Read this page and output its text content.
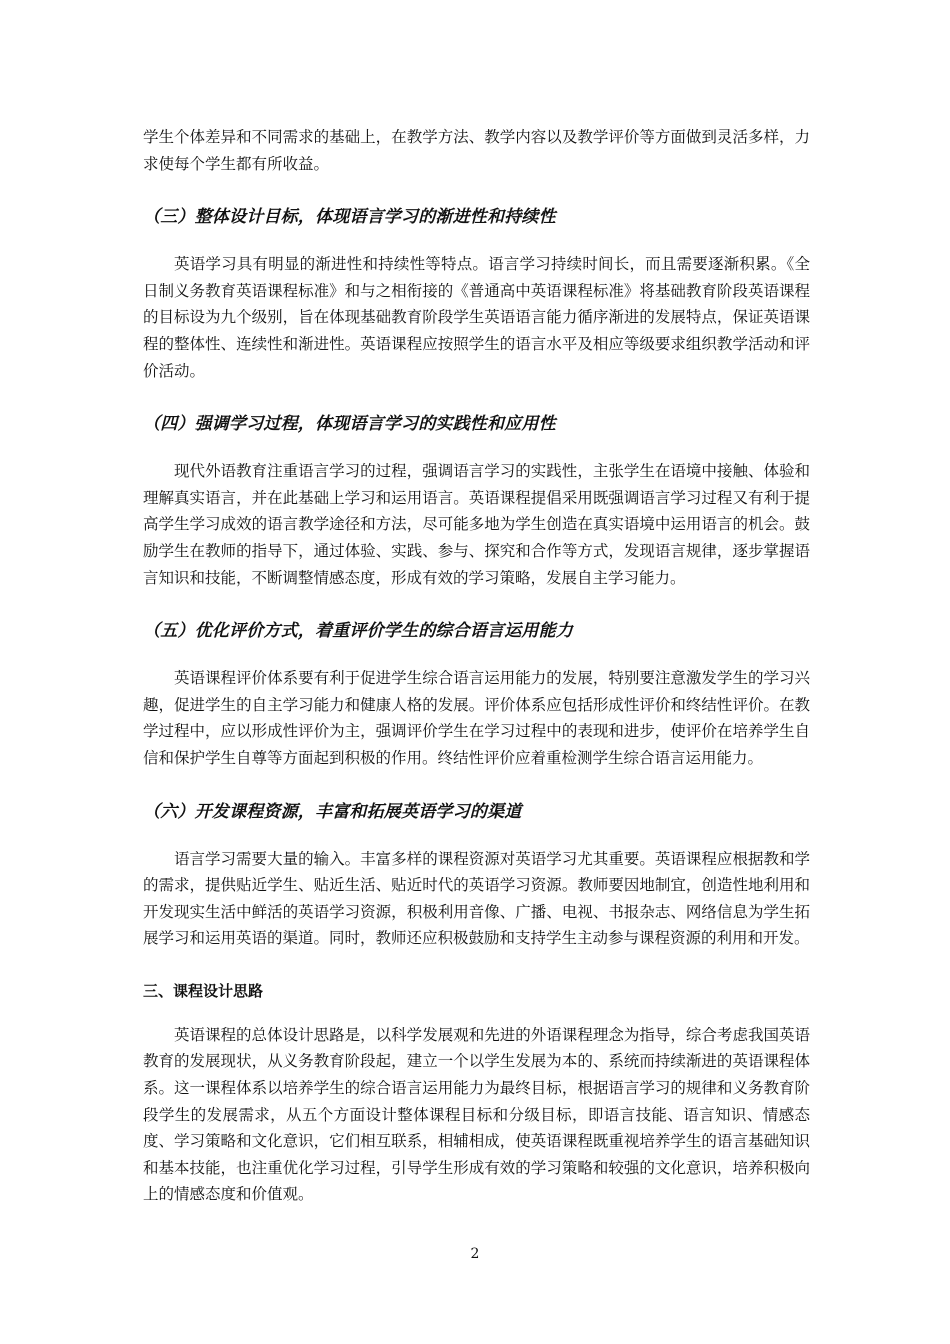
学生个体差异和不同需求的基础上，在教学方法、教学内容以及教学评价等方面做到灵活多样，力求使每个学生都有所收益。

（三）整体设计目标，体现语言学习的渐进性和持续性

英语学习具有明显的渐进性和持续性等特点。语言学习持续时间长，而且需要逐渐积累。《全日制义务教育英语课程标准》和与之相衔接的《普通高中英语课程标准》将基础教育阶段英语课程的目标设为九个级别，旨在体现基础教育阶段学生英语语言能力循序渐进的发展特点，保证英语课程的整体性、连续性和渐进性。英语课程应按照学生的语言水平及相应等级要求组织教学活动和评价活动。

（四）强调学习过程，体现语言学习的实践性和应用性

现代外语教育注重语言学习的过程，强调语言学习的实践性，主张学生在语境中接触、体验和理解真实语言，并在此基础上学习和运用语言。英语课程提倡采用既强调语言学习过程又有利于提高学生学习成效的语言教学途径和方法，尽可能多地为学生创造在真实语境中运用语言的机会。鼓励学生在教师的指导下，通过体验、实践、参与、探究和合作等方式，发现语言规律，逐步掌握语言知识和技能，不断调整情感态度，形成有效的学习策略，发展自主学习能力。

（五）优化评价方式，着重评价学生的综合语言运用能力

英语课程评价体系要有利于促进学生综合语言运用能力的发展，特别要注意激发学生的学习兴趣，促进学生的自主学习能力和健康人格的发展。评价体系应包括形成性评价和终结性评价。在教学过程中，应以形成性评价为主，强调评价学生在学习过程中的表现和进步，使评价在培养学生自信和保护学生自尊等方面起到积极的作用。终结性评价应着重检测学生综合语言运用能力。

（六）开发课程资源，丰富和拓展英语学习的渠道

语言学习需要大量的输入。丰富多样的课程资源对英语学习尤其重要。英语课程应根据教和学的需求，提供贴近学生、贴近生活、贴近时代的英语学习资源。教师要因地制宜，创造性地利用和开发现实生活中鲜活的英语学习资源，积极利用音像、广播、电视、书报杂志、网络信息为学生拓展学习和运用英语的渠道。同时，教师还应积极鼓励和支持学生主动参与课程资源的利用和开发。

三、课程设计思路

英语课程的总体设计思路是，以科学发展观和先进的外语课程理念为指导，综合考虑我国英语教育的发展现状，从义务教育阶段起，建立一个以学生发展为本的、系统而持续渐进的英语课程体系。这一课程体系以培养学生的综合语言运用能力为最终目标，根据语言学习的规律和义务教育阶段学生的发展需求，从五个方面设计整体课程目标和分级目标，即语言技能、语言知识、情感态度、学习策略和文化意识，它们相互联系，相辅相成，使英语课程既重视培养学生的语言基础知识和基本技能，也注重优化学习过程，引导学生形成有效的学习策略和较强的文化意识，培养积极向上的情感态度和价值观。

2
